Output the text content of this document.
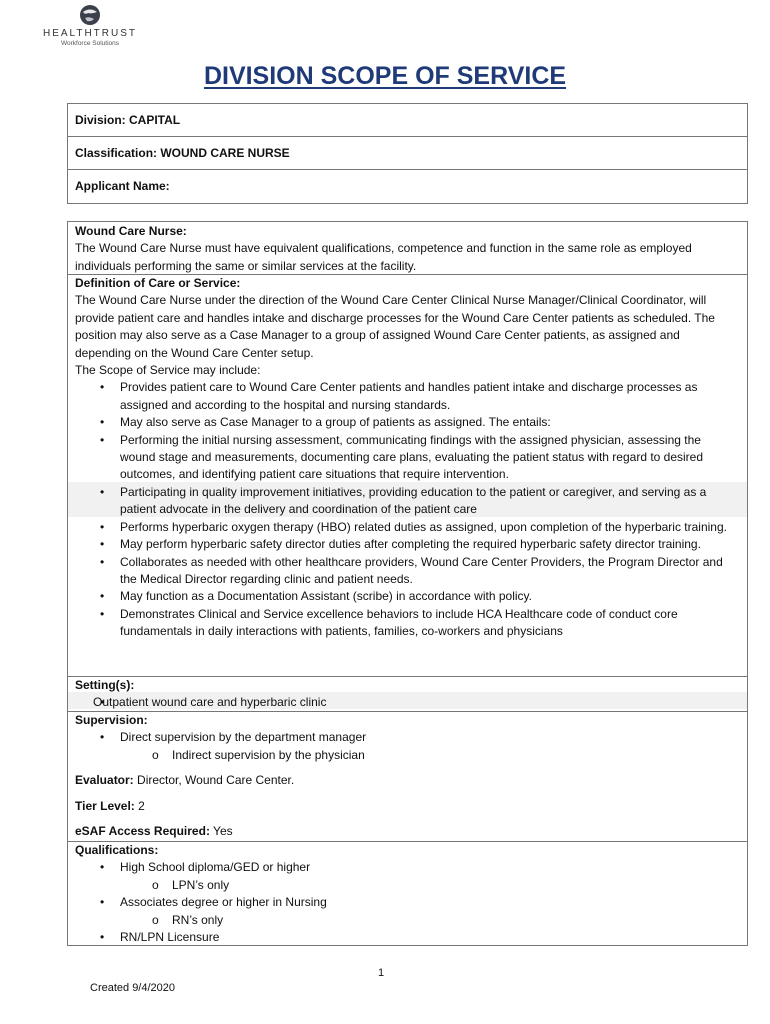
HEALTHTRUST
Workforce Solutions
DIVISION SCOPE OF SERVICE
Division: CAPITAL
Classification: WOUND CARE NURSE
Applicant Name:
Wound Care Nurse:
The Wound Care Nurse must have equivalent qualifications, competence and function in the same role as employed individuals performing the same or similar services at the facility.
Definition of Care or Service:
The Wound Care Nurse under the direction of the Wound Care Center Clinical Nurse Manager/Clinical Coordinator, will provide patient care and handles intake and discharge processes for the Wound Care Center patients as scheduled. The position may also serve as a Case Manager to a group of assigned Wound Care Center patients, as assigned and depending on the Wound Care Center setup.
The Scope of Service may include:
• Provides patient care to Wound Care Center patients and handles patient intake and discharge processes as assigned and according to the hospital and nursing standards.
• May also serve as Case Manager to a group of patients as assigned. The entails:
• Performing the initial nursing assessment, communicating findings with the assigned physician, assessing the wound stage and measurements, documenting care plans, evaluating the patient status with regard to desired outcomes, and identifying patient care situations that require intervention.
• Participating in quality improvement initiatives, providing education to the patient or caregiver, and serving as a patient advocate in the delivery and coordination of the patient care
• Performs hyperbaric oxygen therapy (HBO) related duties as assigned, upon completion of the hyperbaric training.
• May perform hyperbaric safety director duties after completing the required hyperbaric safety director training.
• Collaborates as needed with other healthcare providers, Wound Care Center Providers, the Program Director and the Medical Director regarding clinic and patient needs.
• May function as a Documentation Assistant (scribe) in accordance with policy.
• Demonstrates Clinical and Service excellence behaviors to include HCA Healthcare code of conduct core fundamentals in daily interactions with patients, families, co-workers and physicians
Setting(s):
• Outpatient wound care and hyperbaric clinic
Supervision:
• Direct supervision by the department manager
o Indirect supervision by the physician
Evaluator: Director, Wound Care Center.
Tier Level: 2
eSAF Access Required: Yes
Qualifications:
• High School diploma/GED or higher
o LPN’s only
• Associates degree or higher in Nursing
o RN’s only
• RN/LPN Licensure
1
Created 9/4/2020
